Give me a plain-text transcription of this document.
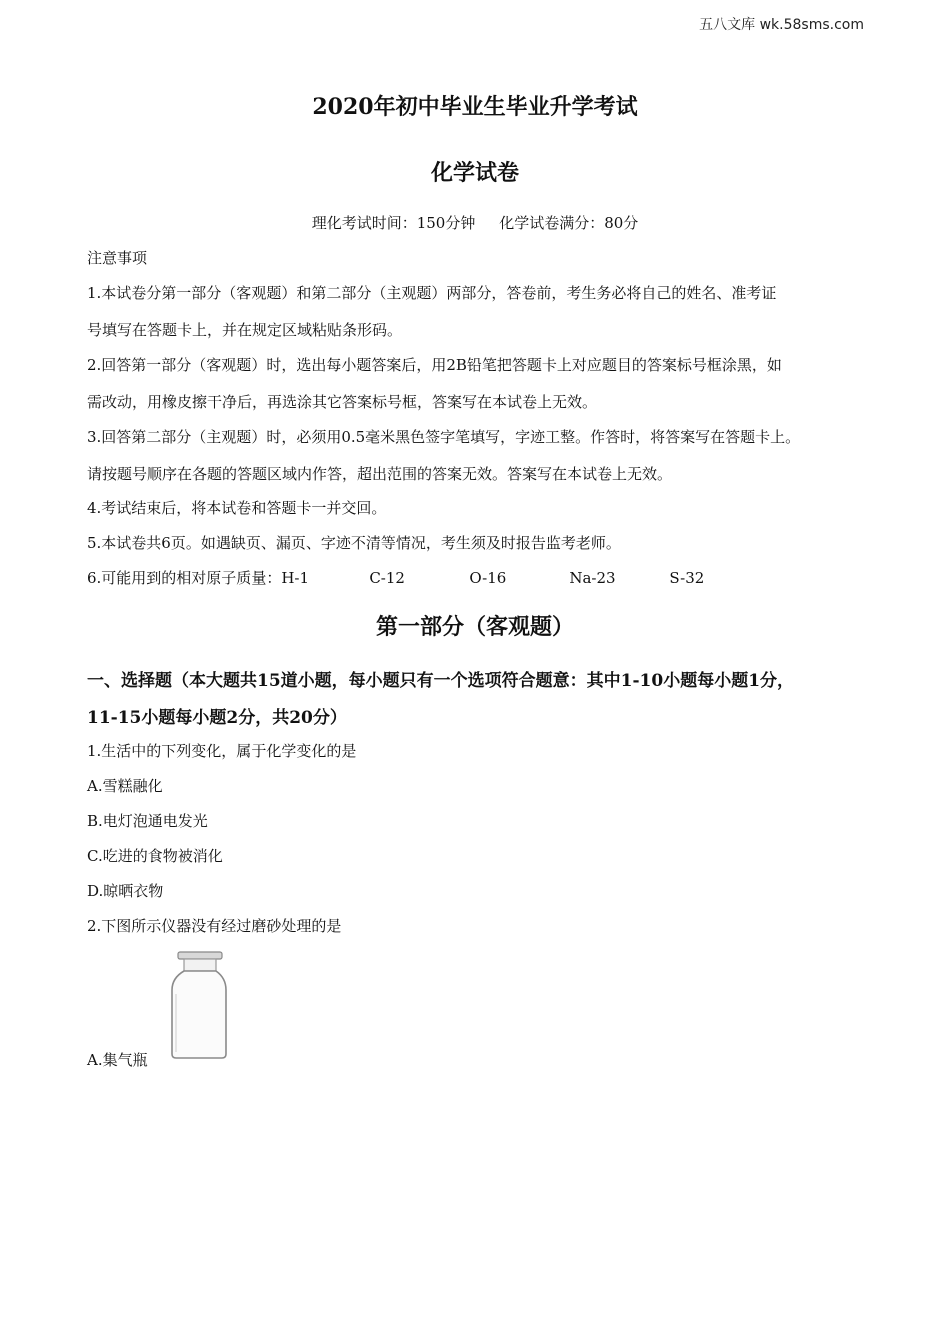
五八文库 wk.58sms.com
2020年初中毕业生毕业升学考试
化学试卷
理化考试时间：150分钟     化学试卷满分：80分
注意事项
1.本试卷分第一部分（客观题）和第二部分（主观题）两部分，答卷前，考生务必将自己的姓名、准考证
号填写在答题卡上，并在规定区域粘贴条形码。
2.回答第一部分（客观题）时，选出每小题答案后，用2B铅笔把答题卡上对应题目的答案标号框涂黑，如
需改动，用橡皮擦干净后，再选涂其它答案标号框，答案写在本试卷上无效。
3.回答第二部分（主观题）时，必须用0.5毫米黑色签字笔填写，字迹工整。作答时，将答案写在答题卡上。
请按题号顺序在各题的答题区域内作答，超出范围的答案无效。答案写在本试卷上无效。
4.考试结束后，将本试卷和答题卡一并交回。
5.本试卷共6页。如遇缺页、漏页、字迹不清等情况，考生须及时报告监考老师。
6.可能用到的相对原子质量：H-1	C-12	O-16	Na-23	S-32
第一部分（客观题）
一、选择题（本大题共15道小题，每小题只有一个选项符合题意：其中1-10小题每小题1分，
11-15小题每小题2分，共20分）
1.生活中的下列变化，属于化学变化的是
A.雪糕融化
B.电灯泡通电发光
C.吃进的食物被消化
D.晾晒衣物
2.下图所示仪器没有经过磨砂处理的是
A.集气瓶
